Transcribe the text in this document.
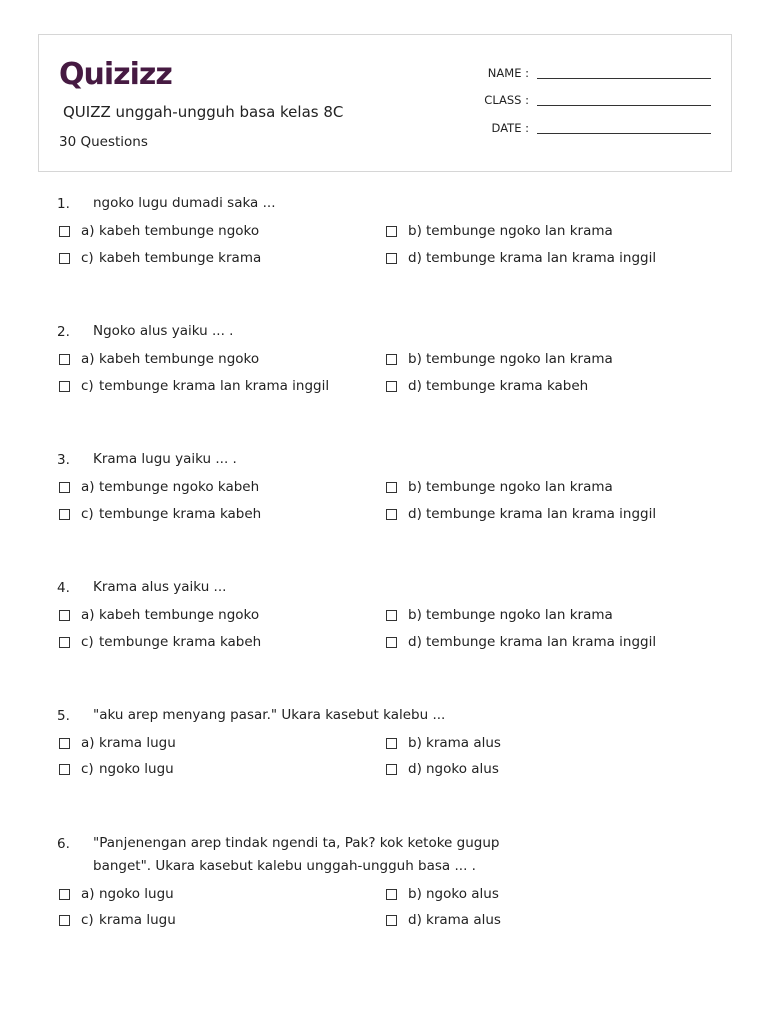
Quizizz
QUIZZ unggah-ungguh basa kelas 8C
30 Questions
NAME :
CLASS :
DATE :
1. ngoko lugu dumadi saka ...
a) kabeh tembunge ngoko	b) tembunge ngoko lan krama
c) kabeh tembunge krama	d) tembunge krama lan krama inggil
2. Ngoko alus yaiku ... .
a) kabeh tembunge ngoko	b) tembunge ngoko lan krama
c) tembunge krama lan krama inggil	d) tembunge krama kabeh
3. Krama lugu yaiku ... .
a) tembunge ngoko kabeh	b) tembunge ngoko lan krama
c) tembunge krama kabeh	d) tembunge krama lan krama inggil
4. Krama alus yaiku ...
a) kabeh tembunge ngoko	b) tembunge ngoko lan krama
c) tembunge krama kabeh	d) tembunge krama lan krama inggil
5. "aku arep menyang pasar." Ukara kasebut kalebu ...
a) krama lugu	b) krama alus
c) ngoko lugu	d) ngoko alus
6. "Panjenengan arep tindak ngendi ta, Pak? kok ketoke gugup banget". Ukara kasebut kalebu unggah-ungguh basa ... .
a) ngoko lugu	b) ngoko alus
c) krama lugu	d) krama alus
